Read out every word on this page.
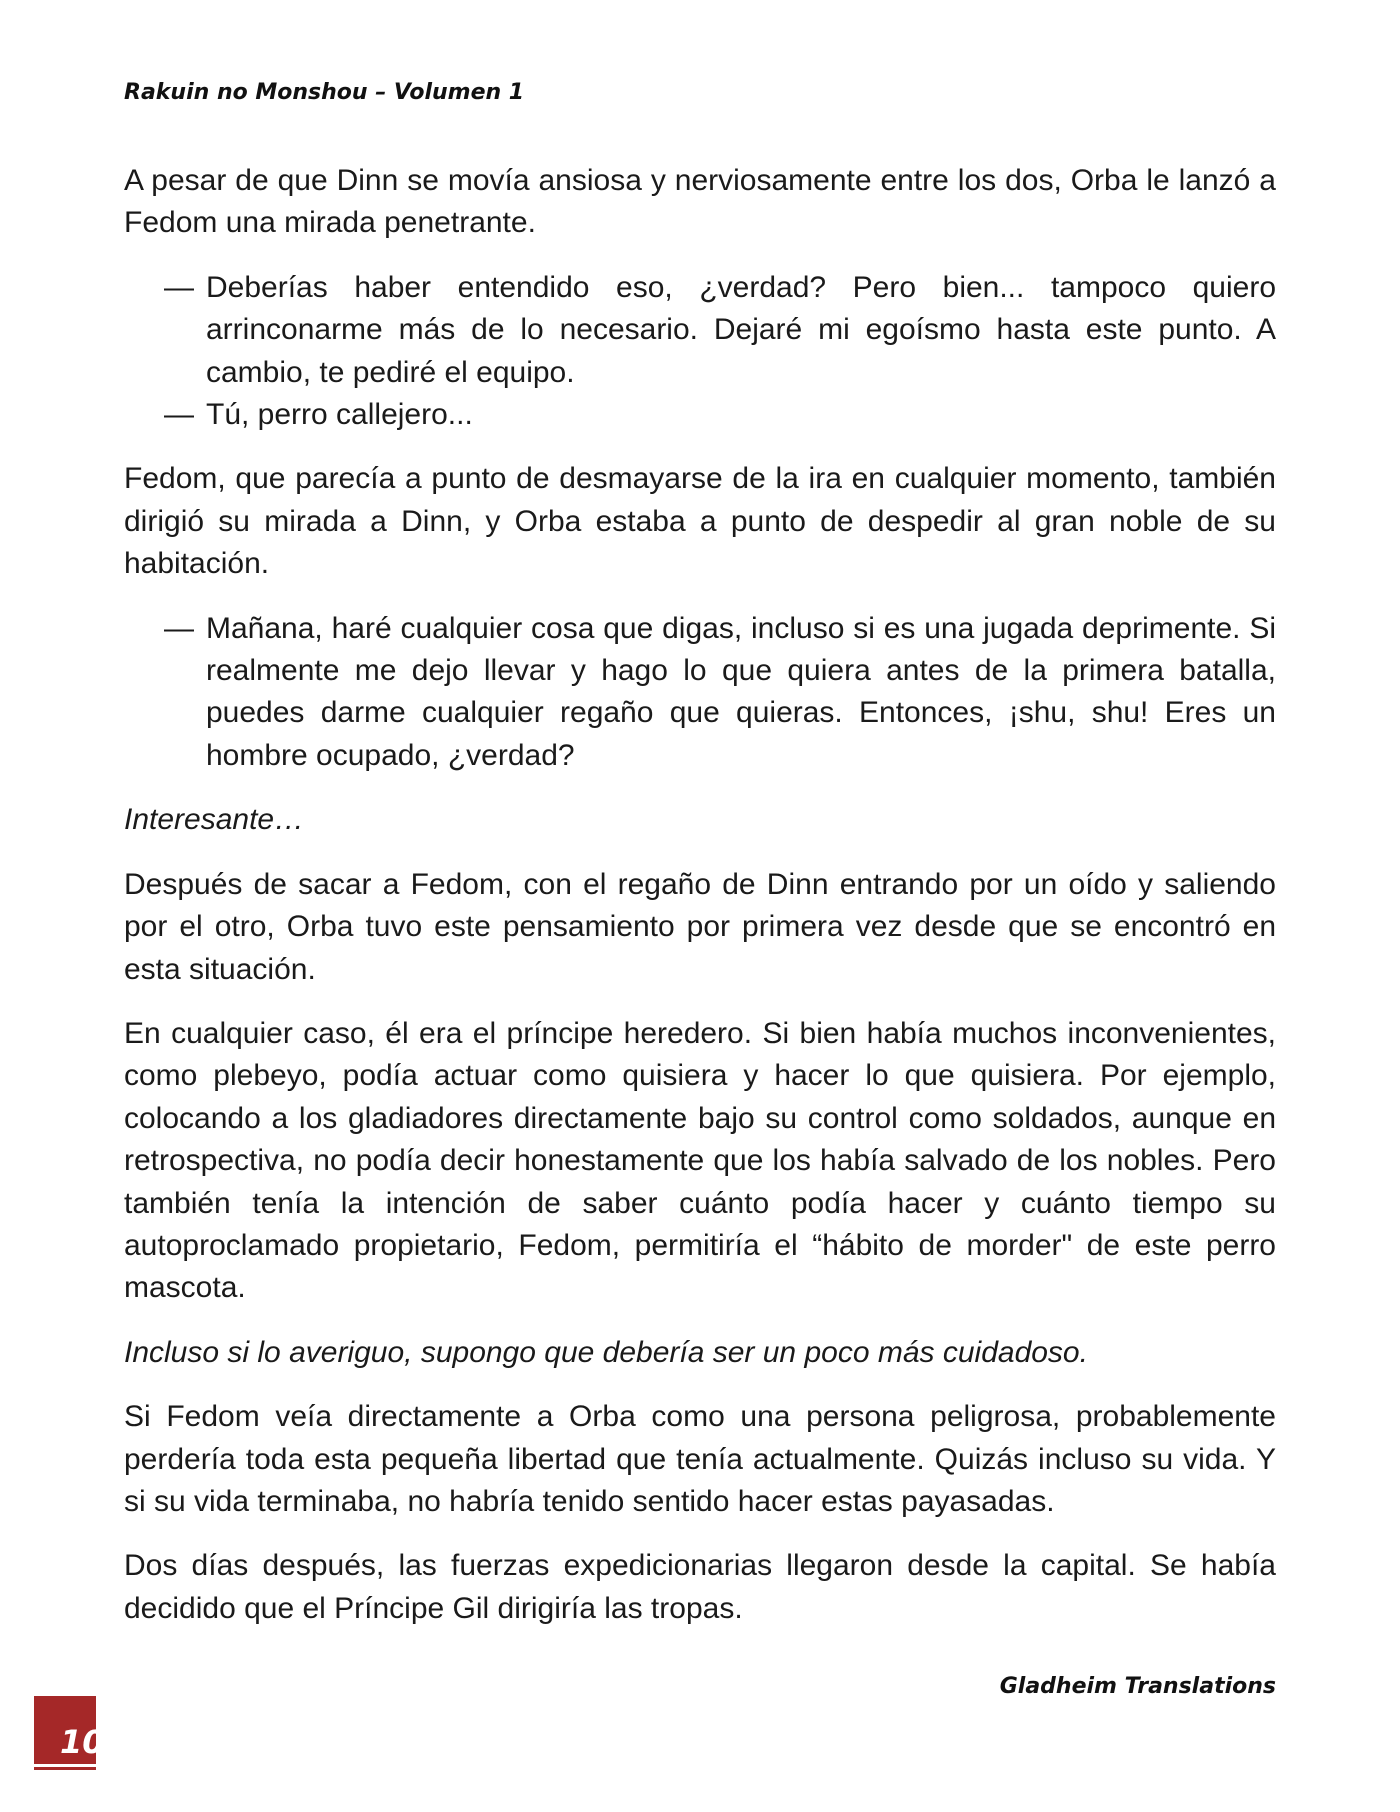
Rakuin no Monshou – Volumen 1

A pesar de que Dinn se movía ansiosa y nerviosamente entre los dos, Orba le lanzó a Fedom una mirada penetrante.

— Deberías haber entendido eso, ¿verdad? Pero bien... tampoco quiero arrinconarme más de lo necesario. Dejaré mi egoísmo hasta este punto. A cambio, te pediré el equipo.
— Tú, perro callejero...

Fedom, que parecía a punto de desmayarse de la ira en cualquier momento, también dirigió su mirada a Dinn, y Orba estaba a punto de despedir al gran noble de su habitación.

— Mañana, haré cualquier cosa que digas, incluso si es una jugada deprimente. Si realmente me dejo llevar y hago lo que quiera antes de la primera batalla, puedes darme cualquier regaño que quieras. Entonces, ¡shu, shu! Eres un hombre ocupado, ¿verdad?

Interesante…

Después de sacar a Fedom, con el regaño de Dinn entrando por un oído y saliendo por el otro, Orba tuvo este pensamiento por primera vez desde que se encontró en esta situación.

En cualquier caso, él era el príncipe heredero. Si bien había muchos inconvenientes, como plebeyo, podía actuar como quisiera y hacer lo que quisiera. Por ejemplo, colocando a los gladiadores directamente bajo su control como soldados, aunque en retrospectiva, no podía decir honestamente que los había salvado de los nobles. Pero también tenía la intención de saber cuánto podía hacer y cuánto tiempo su autoproclamado propietario, Fedom, permitiría el “hábito de morder" de este perro mascota.

Incluso si lo averiguo, supongo que debería ser un poco más cuidadoso.

Si Fedom veía directamente a Orba como una persona peligrosa, probablemente perdería toda esta pequeña libertad que tenía actualmente. Quizás incluso su vida. Y si su vida terminaba, no habría tenido sentido hacer estas payasadas.

Dos días después, las fuerzas expedicionarias llegaron desde la capital. Se había decidido que el Príncipe Gil dirigiría las tropas.

Gladheim Translations
10
